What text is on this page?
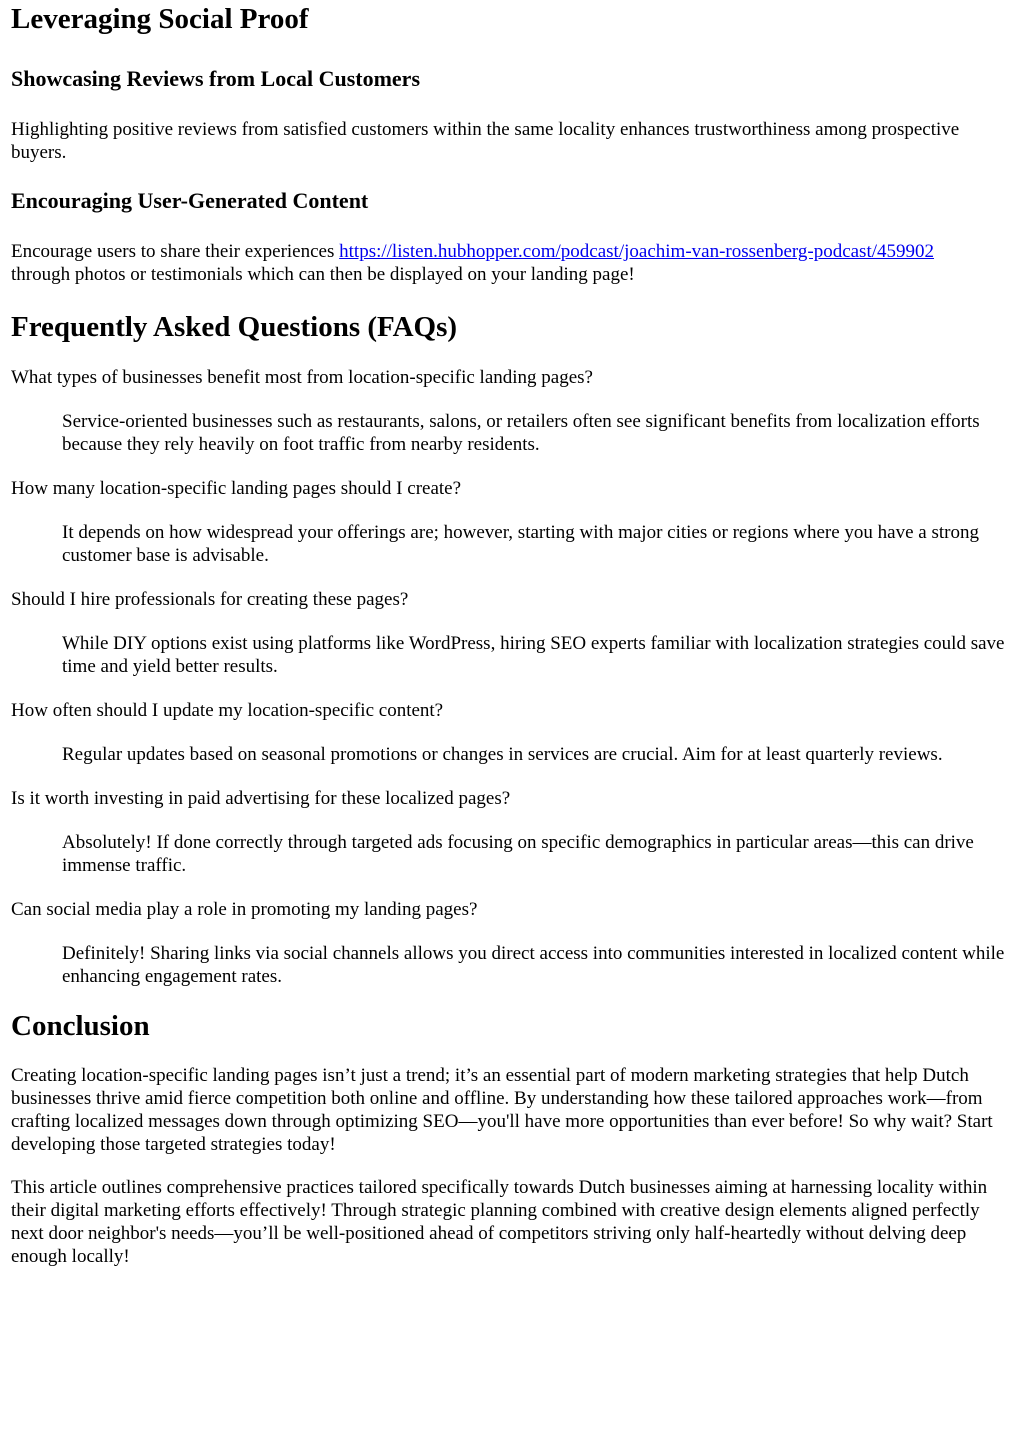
Leveraging Social Proof
Showcasing Reviews from Local Customers

Highlighting positive reviews from satisfied customers within the same locality enhances trustworthiness among prospective buyers.

Encouraging User-Generated Content

Encourage users to share their experiences https://listen.hubhopper.com/podcast/joachim-van-rossenberg-podcast/459902
through photos or testimonials which can then be displayed on your landing page!

Frequently Asked Questions (FAQs)
What types of businesses benefit most from location-specific landing pages?
Service-oriented businesses such as restaurants, salons, or retailers often see significant benefits from localization efforts because they rely heavily on foot traffic from nearby residents.
How many location-specific landing pages should I create?
It depends on how widespread your offerings are; however, starting with major cities or regions where you have a strong customer base is advisable.
Should I hire professionals for creating these pages?
While DIY options exist using platforms like WordPress, hiring SEO experts familiar with localization strategies could save time and yield better results.
How often should I update my location-specific content?
Regular updates based on seasonal promotions or changes in services are crucial. Aim for at least quarterly reviews.
Is it worth investing in paid advertising for these localized pages?
Absolutely! If done correctly through targeted ads focusing on specific demographics in particular areas—this can drive immense traffic.
Can social media play a role in promoting my landing pages?
Definitely! Sharing links via social channels allows you direct access into communities interested in localized content while enhancing engagement rates.
Conclusion

Creating location-specific landing pages isn’t just a trend; it’s an essential part of modern marketing strategies that help Dutch businesses thrive amid fierce competition both online and offline. By understanding how these tailored approaches work—from crafting localized messages down through optimizing SEO—you'll have more opportunities than ever before! So why wait? Start developing those targeted strategies today!

This article outlines comprehensive practices tailored specifically towards Dutch businesses aiming at harnessing locality within their digital marketing efforts effectively! Through strategic planning combined with creative design elements aligned perfectly next door neighbor's needs—you’ll be well-positioned ahead of competitors striving only half-heartedly without delving deep enough locally!
